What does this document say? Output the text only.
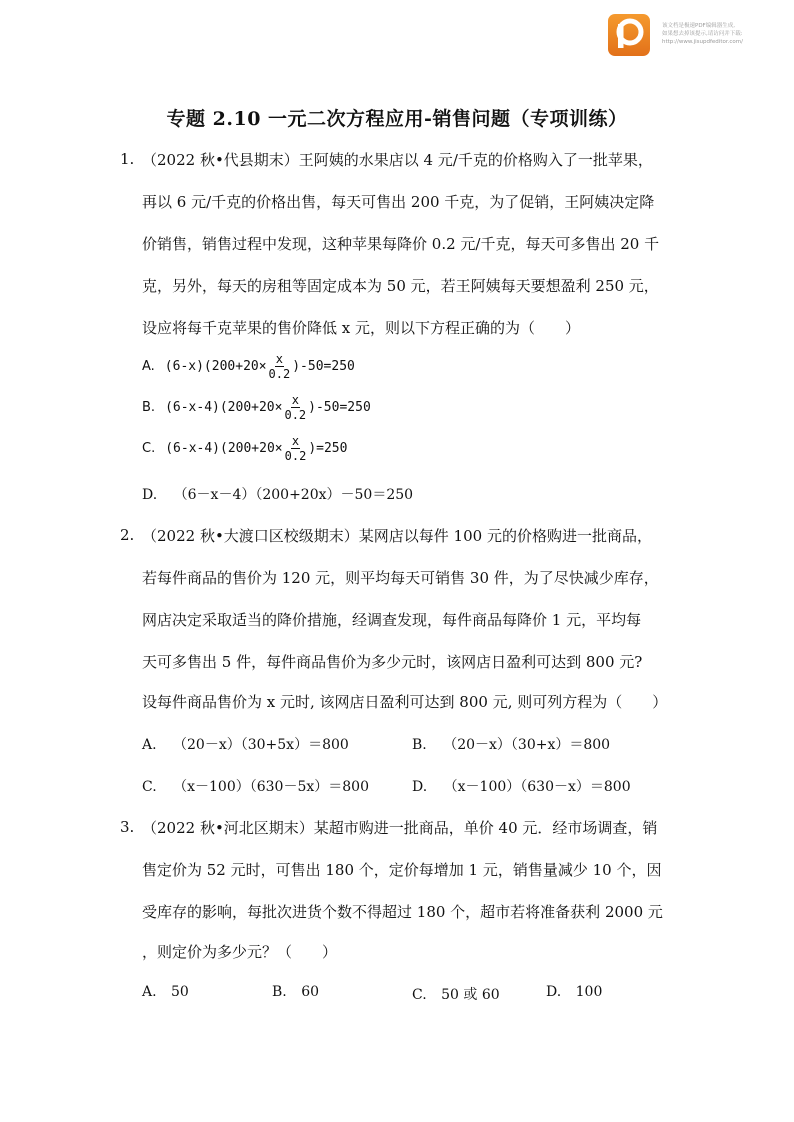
该文档是极速PDF编辑器生成,
如果想去掉该提示,请访问并下载:
http://www.jisupdfeditor.com/
专题 2.10 一元二次方程应用-销售问题（专项训练）
1. （2022 秋•代县期末）王阿姨的水果店以 4 元/千克的价格购入了一批苹果，
再以 6 元/千克的价格出售，每天可售出 200 千克，为了促销，王阿姨决定降
价销售，销售过程中发现，这种苹果每降价 0.2 元/千克，每天可多售出 20 千
克，另外，每天的房租等固定成本为 50 元，若王阿姨每天要想盈利 250 元，
设应将每千克苹果的售价降低 x 元，则以下方程正确的为（　　）
A. $(6-x)(200+20\times \frac{x}{0.2} )-50=250$
B. $(6-x-4)(200+20\times \frac{x}{0.2} )-50=250$
C. $(6-x-4)(200+20\times \frac{x}{0.2} )=250$
D. （6－x－4）（200+20x）－50＝250
2. （2022 秋•大渡口区校级期末）某网店以每件 100 元的价格购进一批商品，
若每件商品的售价为 120 元，则平均每天可销售 30 件，为了尽快减少库存，
网店决定采取适当的降价措施，经调查发现，每件商品每降价 1 元，平均每
天可多售出 5 件，每件商品售价为多少元时，该网店日盈利可达到 800 元?
设每件商品售价为 x 元时, 该网店日盈利可达到 800 元, 则可列方程为（　　）
A. （20－x）（30+5x）＝800	B. （20－x）（30+x）＝800
C. （x－100）（630－5x）＝800	D. （x－100）（630－x）＝800
3. （2022 秋•河北区期末）某超市购进一批商品，单价 40 元．经市场调查，销
售定价为 52 元时，可售出 180 个，定价每增加 1 元，销售量减少 10 个，因
受库存的影响，每批次进货个数不得超过 180 个，超市若将准备获利 2000 元
，则定价为多少元？（　　）
A. 50	B. 60	C. 50 或 60	D. 100
